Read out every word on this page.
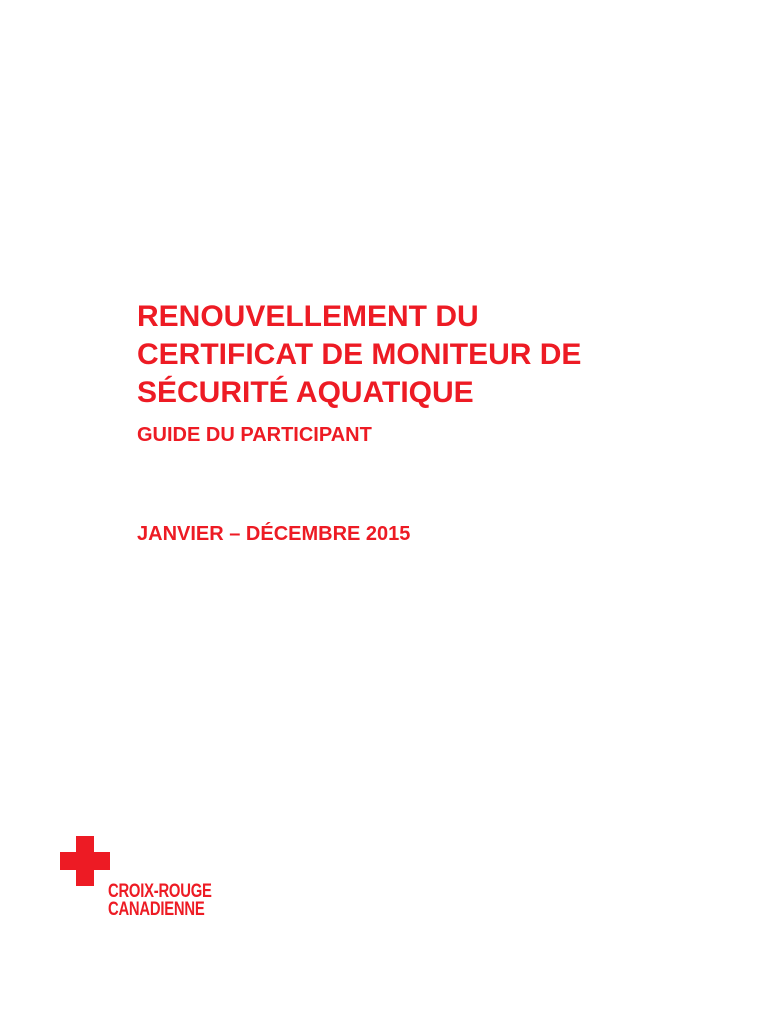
RENOUVELLEMENT DU
CERTIFICAT DE MONITEUR DE
SÉCURITÉ AQUATIQUE
GUIDE DU PARTICIPANT
JANVIER – DÉCEMBRE 2015
CROIX-ROUGE
CANADIENNE
